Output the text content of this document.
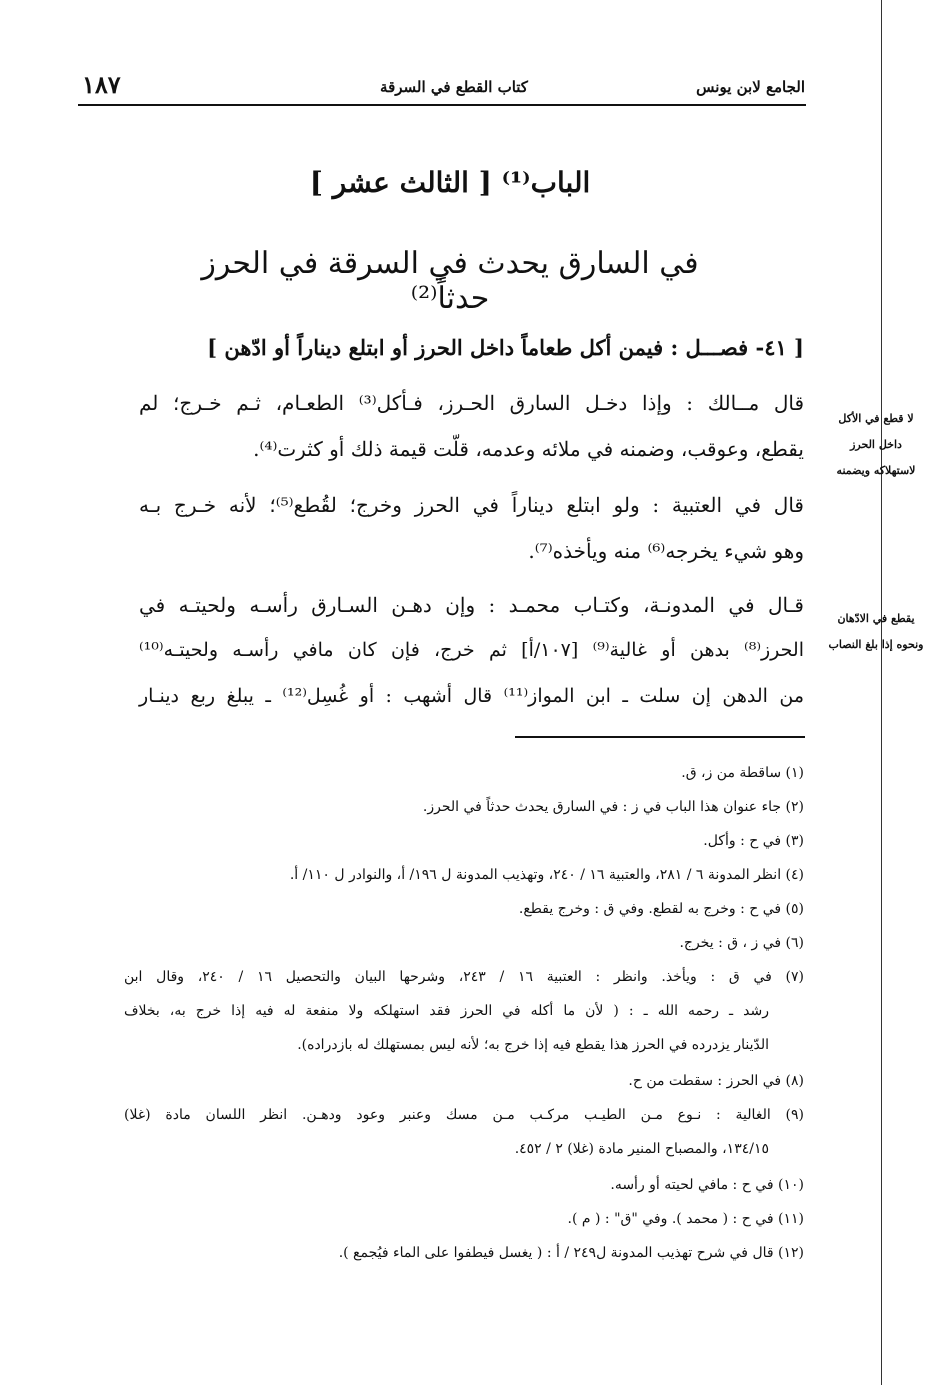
١٨٧	كتاب القطع في السرقة	الجامع لابن يونس
الباب⁽¹⁾ [ الثالث عشر ]
في السارق يحدث في السرقة في الحرز حدثاً⁽²⁾
[ ٤١- فصـــل : فيمن أكل طعاماً داخل الحرز أو ابتلع ديناراً أو ادّهن ]
قال مــالك : وإذا دخـل السارق الحـرز، فـأكل⁽³⁾ الطعـام، ثـم خـرج؛ لم
يقطع، وعوقب، وضمنه في ملائه وعدمه، قلّت قيمة ذلك أو كثرت⁽⁴⁾.
قال في العتبية : ولو ابتلع ديناراً في الحرز وخرج؛ لقُطع⁽⁵⁾؛ لأنه خـرج بـه
وهو شيء يخرجه⁽⁶⁾ منه ويأخذه⁽⁷⁾.
قـال في المدونـة، وكتـاب محمـد : وإن دهـن السـارق رأسـه ولحيتـه في
الحرز⁽⁸⁾ بدهن أو غالية⁽⁹⁾ [١٠٧/أ] ثم خرج، فإن كان مافي رأسـه ولحيتـه⁽¹⁰⁾
من الدهن إن سلت ـ ابن المواز⁽¹¹⁾ قال أشهب : أو غُسِل⁽¹²⁾ ـ يبلغ ربع دينـار
لا قطع في الأكل
داخل الحرز
لاستهلاكه ويضمنه
يقطع في الادّهان
ونحوه إذا بلغ النصاب
(١) ساقطة من ز، ق.
(٢) جاء عنوان هذا الباب في ز : في السارق يحدث حدثاً في الحرز.
(٣) في ح : وأكل.
(٤) انظر المدونة ٦ / ٢٨١، والعتبية ١٦ / ٢٤٠، وتهذيب المدونة ل ١٩٦/ أ، والنوادر ل ١١٠/ أ.
(٥) في ح : وخرج به لقطع. وفي ق : وخرج يقطع.
(٦) في ز ، ق : يخرج.
(٧) في ق : ويأخذ. وانظر : العتبية ١٦ / ٢٤٣، وشرحها البيان والتحصيل ١٦ / ٢٤٠، وقال ابن
رشد ـ رحمه الله ـ : ( لأن ما أكله في الحرز فقد استهلكه ولا منفعة له فيه إذا خرج به، بخلاف
الدّينار يزدرده في الحرز هذا يقطع فيه إذا خرج به؛ لأنه ليس بمستهلك له بازدراده).
(٨) في الحرز : سقطت من ح.
(٩) الغالية : نـوع مـن الطيـب مركـب مـن مسك وعنبر وعود ودهـن. انظر اللسان مادة (غلا)
١٣٤/١٥، والمصباح المنير مادة (غلا) ٢ / ٤٥٢.
(١٠) في ح : مافي لحيته أو رأسه.
(١١) في ح : ( محمد ). وفي "ق" : ( م ).
(١٢) قال في شرح تهذيب المدونة ل٢٤٩ / أ : ( يغسل فيطفوا على الماء فيُجمع ).
